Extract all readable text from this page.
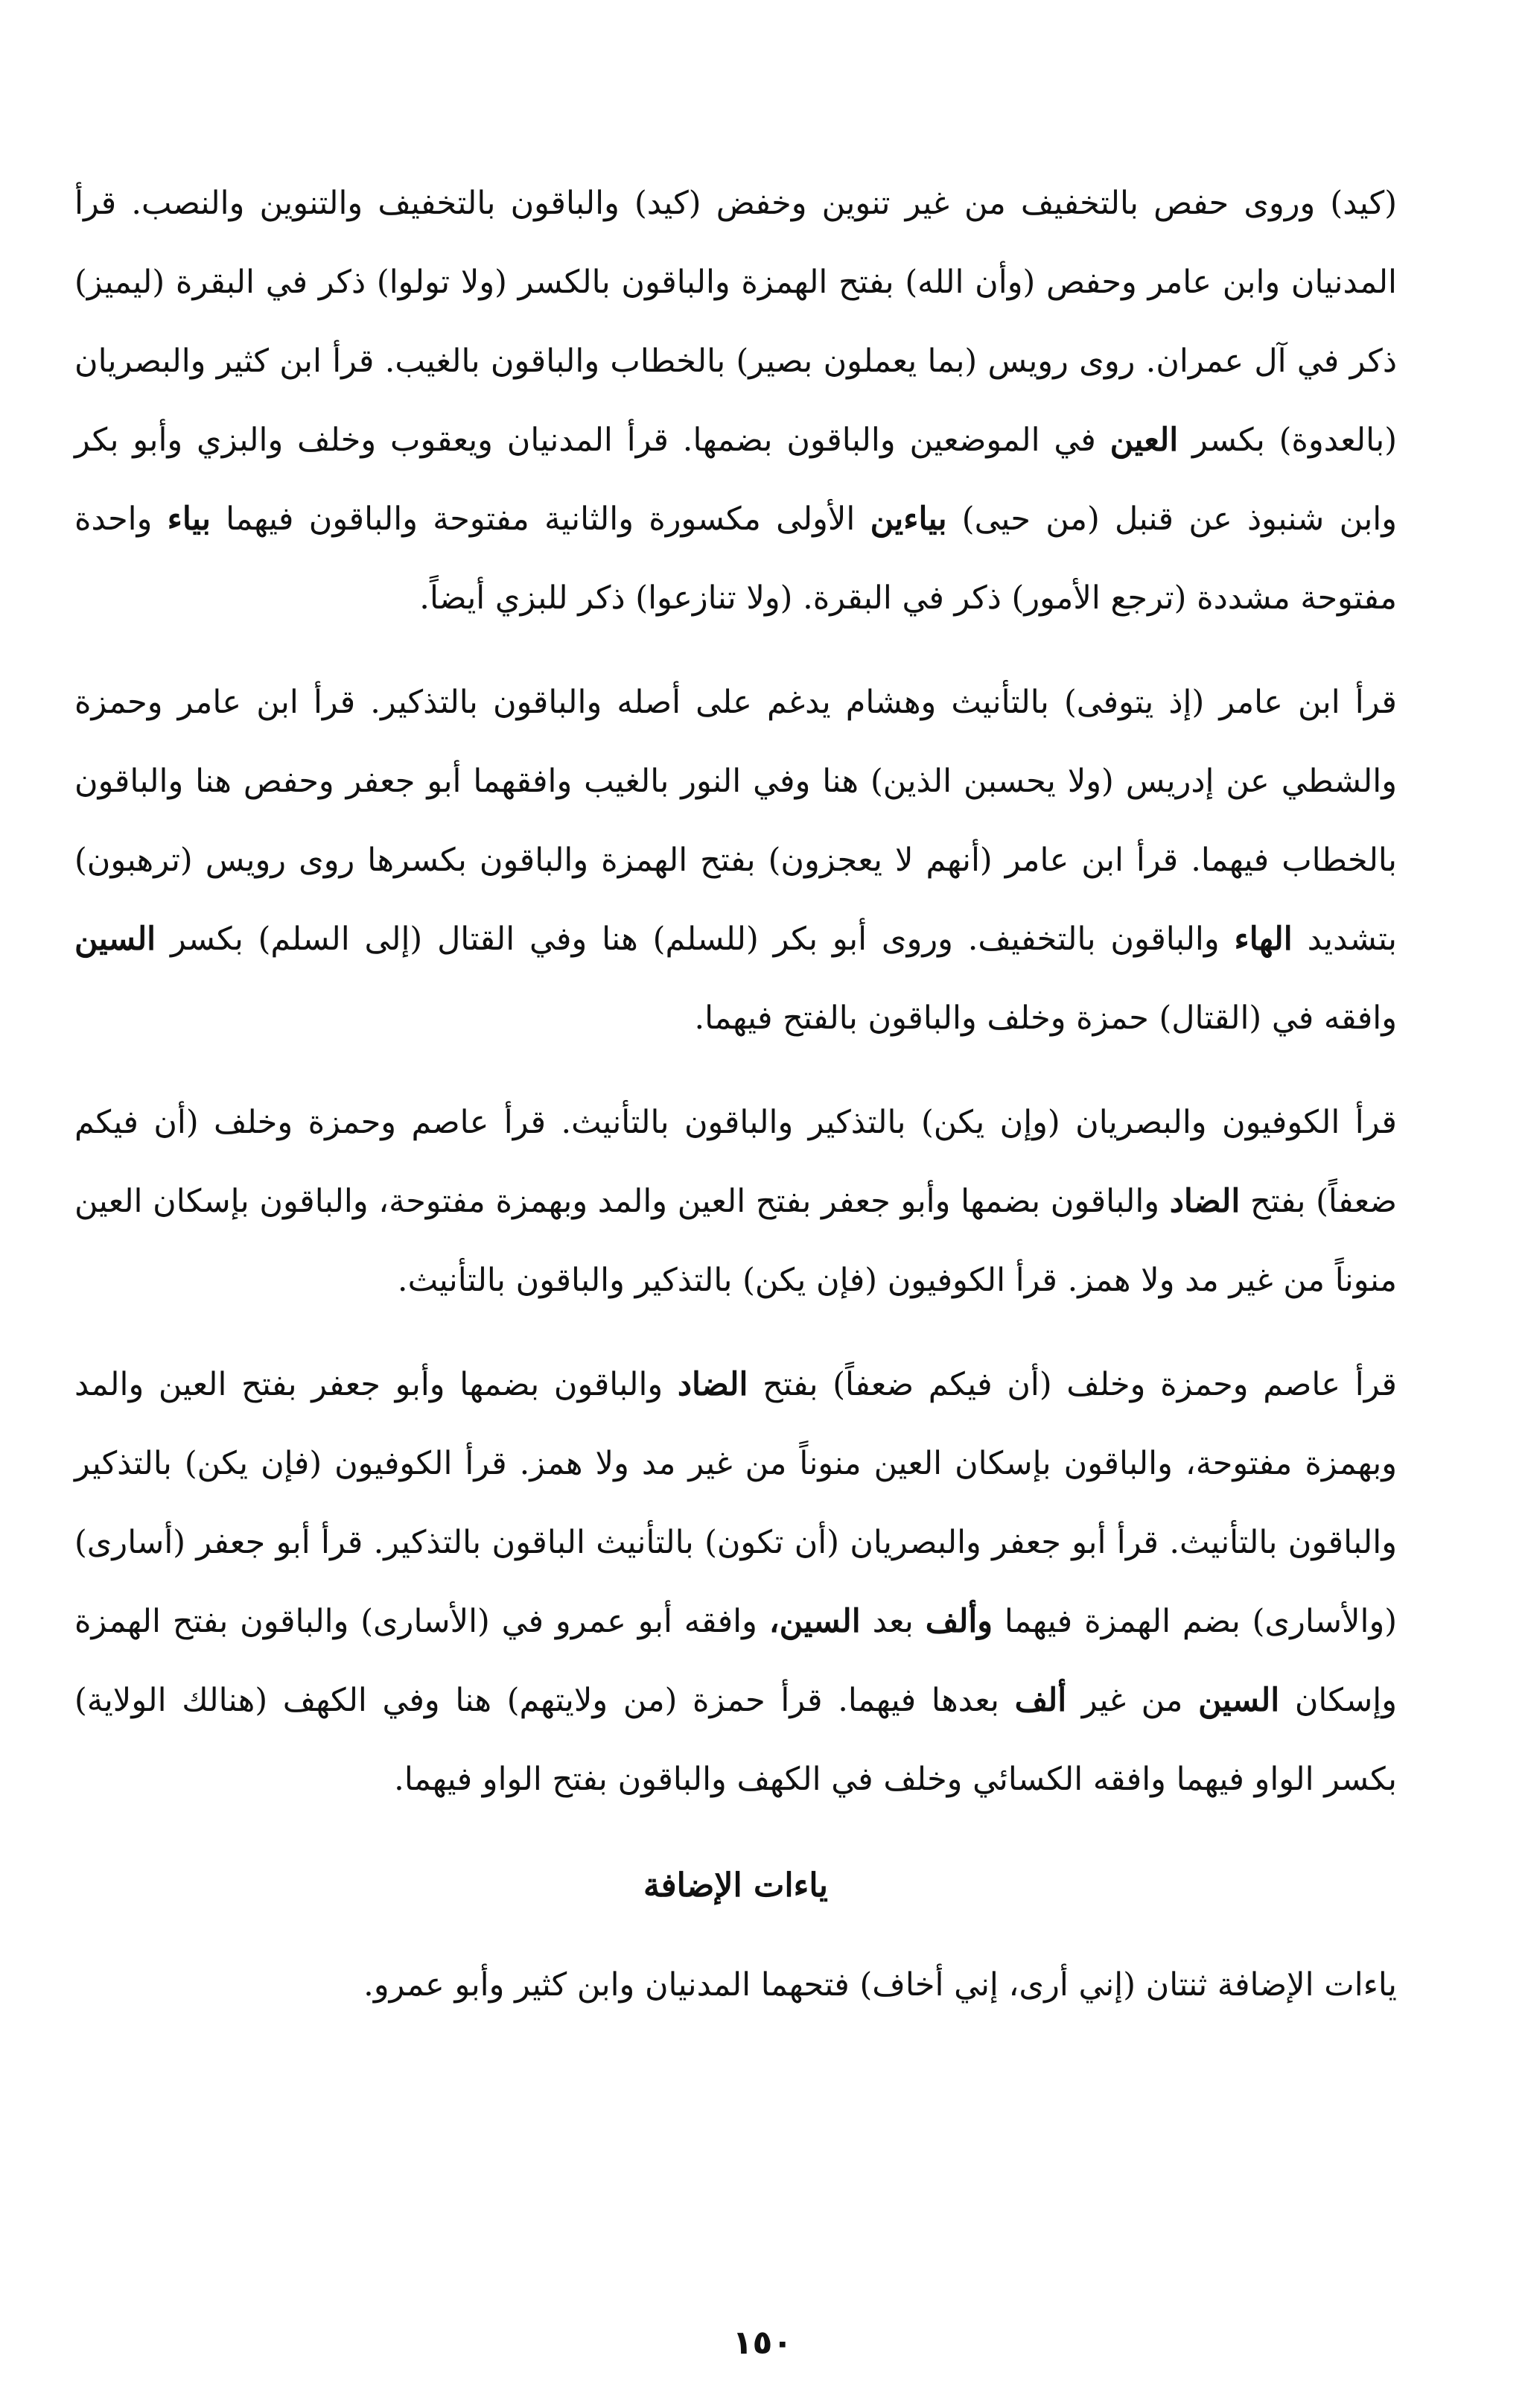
(كيد) وروى حفص بالتخفيف من غير تنوين وخفض (كيد) والباقون بالتخفيف والتنوين والنصب. قرأ المدنيان وابن عامر وحفص (وأن الله) بفتح الهمزة والباقون بالكسر (ولا تولوا) ذكر في البقرة (ليميز) ذكر في آل عمران. روى رويس (بما يعملون بصير) بالخطاب والباقون بالغيب. قرأ ابن كثير والبصريان (بالعدوة) بكسر العين في الموضعين والباقون بضمها. قرأ المدنيان ويعقوب وخلف والبزي وأبو بكر وابن شنبوذ عن قنبل (من حيى) بياءين الأولى مكسورة والثانية مفتوحة والباقون فيهما بياء واحدة مفتوحة مشددة (ترجع الأمور) ذكر في البقرة. (ولا تنازعوا) ذكر للبزي أيضاً.

قرأ ابن عامر (إذ يتوفى) بالتأنيث وهشام يدغم على أصله والباقون بالتذكير. قرأ ابن عامر وحمزة والشطي عن إدريس (ولا يحسبن الذين) هنا وفي النور بالغيب وافقهما أبو جعفر وحفص هنا والباقون بالخطاب فيهما. قرأ ابن عامر (أنهم لا يعجزون) بفتح الهمزة والباقون بكسرها روى رويس (ترهبون) بتشديد الهاء والباقون بالتخفيف. وروى أبو بكر (للسلم) هنا وفي القتال (إلى السلم) بكسر السين وافقه في (القتال) حمزة وخلف والباقون بالفتح فيهما.

قرأ الكوفيون والبصريان (وإن يكن) بالتذكير والباقون بالتأنيث. قرأ عاصم وحمزة وخلف (أن فيكم ضعفاً) بفتح الضاد والباقون بضمها وأبو جعفر بفتح العين والمد وبهمزة مفتوحة، والباقون بإسكان العين منوناً من غير مد ولا همز. قرأ الكوفيون (فإن يكن) بالتذكير والباقون بالتأنيث.

قرأ عاصم وحمزة وخلف (أن فيكم ضعفاً) بفتح الضاد والباقون بضمها وأبو جعفر بفتح العين والمد وبهمزة مفتوحة، والباقون بإسكان العين منوناً من غير مد ولا همز. قرأ الكوفيون (فإن يكن) بالتذكير والباقون بالتأنيث. قرأ أبو جعفر والبصريان (أن تكون) بالتأنيث الباقون بالتذكير. قرأ أبو جعفر (أسارى) (والأسارى) بضم الهمزة فيهما وألف بعد السين، وافقه أبو عمرو في (الأسارى) والباقون بفتح الهمزة وإسكان السين من غير ألف بعدها فيهما. قرأ حمزة (من ولايتهم) هنا وفي الكهف (هنالك الولاية) بكسر الواو فيهما وافقه الكسائي وخلف في الكهف والباقون بفتح الواو فيهما.

ياءات الإضافة

ياءات الإضافة ثنتان (إني أرى، إني أخاف) فتحهما المدنيان وابن كثير وأبو عمرو.

١٥٠
